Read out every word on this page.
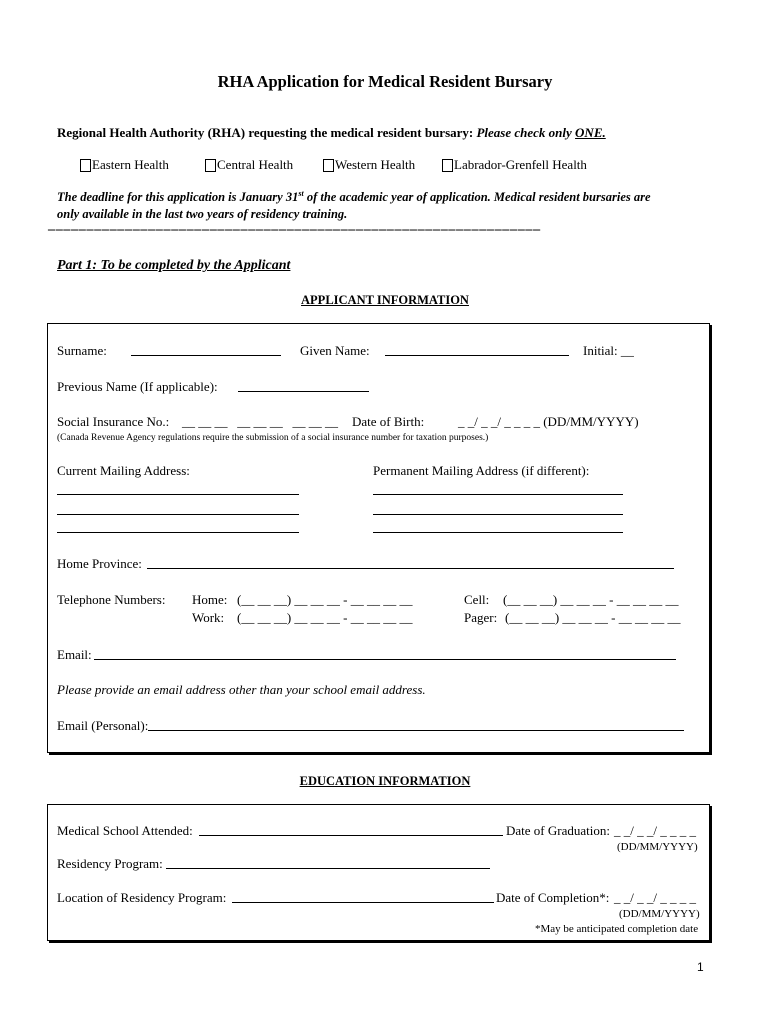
RHA Application for Medical Resident Bursary
Regional Health Authority (RHA) requesting the medical resident bursary: Please check only ONE.
Eastern Health	Central Health	Western Health	Labrador-Grenfell Health
The deadline for this application is January 31st of the academic year of application. Medical resident bursaries are
only available in the last two years of residency training.
––––––––––––––––––––––––––––––––––––––––––––––––––––––––––––––––
Part 1: To be completed by the Applicant
APPLICANT INFORMATION
Surname:	Given Name:	Initial: __
Previous Name (If applicable):
Social Insurance No.: __ __ __   __ __ __   __ __ __ Date of Birth:	_ _/ _ _/ _ _ _ _ (DD/MM/YYYY)
(Canada Revenue Agency regulations require the submission of a social insurance number for taxation purposes.)
Current Mailing Address:	Permanent Mailing Address (if different):
Home Province:
Telephone Numbers: Home: (__ __ __) __ __ __ - __ __ __ __
Work: (__ __ __) __ __ __ - __ __ __ __
Cell: (__ __ __) __ __ __ - __ __ __ __
Pager: (__ __ __) __ __ __ - __ __ __ __
Email:
Please provide an email address other than your school email address.
Email (Personal):
EDUCATION INFORMATION
Medical School Attended:	Date of Graduation: _ _/ _ _/ _ _ _ _
(DD/MM/YYYY)
Residency Program:
Location of Residency Program:	Date of Completion*: _ _/ _ _/ _ _ _ _
(DD/MM/YYYY)
*May be anticipated completion date
1
